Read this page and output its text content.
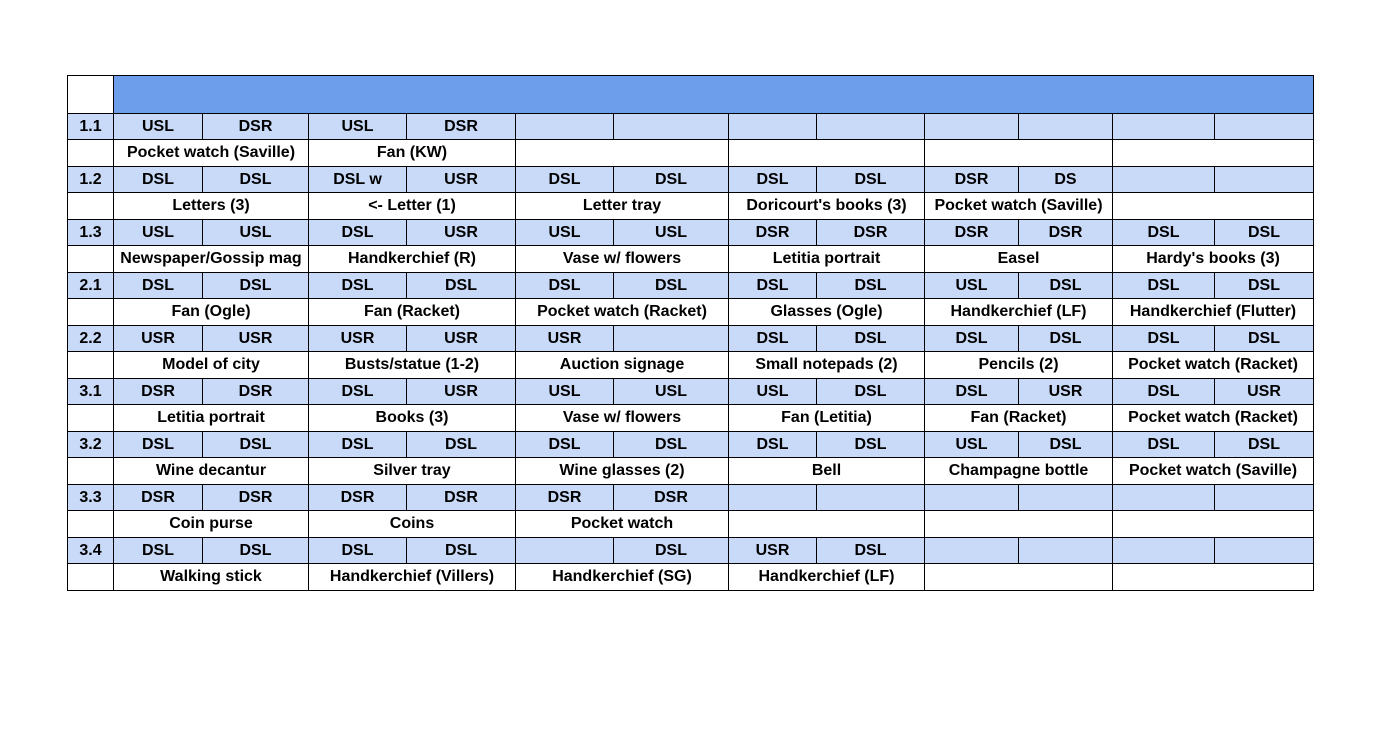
1.1	USL	DSR	USL	DSR								
	Pocket watch (Saville)		Fan (KW)									
1.2	DSL	DSL	DSL w	USR	DSL	DSL	DSL	DSL	DSR	DS		
	Letters (3)		<- Letter (1)		Letter tray		Doricourt's books (3)		Pocket watch (Saville)			
1.3	USL	USL	DSL	USR	USL	USL	DSR	DSR	DSR	DSR	DSL	DSL
	Newspaper/Gossip mag		Handkerchief (R)		Vase w/ flowers		Letitia portrait		Easel		Hardy's books (3)	
2.1	DSL	DSL	DSL	DSL	DSL	DSL	DSL	DSL	USL	DSL	DSL	DSL
	Fan (Ogle)		Fan (Racket)		Pocket watch (Racket)		Glasses (Ogle)		Handkerchief (LF)		Handkerchief (Flutter)	
2.2	USR	USR	USR	USR	USR		DSL	DSL	DSL	DSL	DSL	DSL
	Model of city		Busts/statue (1-2)		Auction signage		Small notepads (2)		Pencils (2)		Pocket watch (Racket)	
3.1	DSR	DSR	DSL	USR	USL	USL	USL	DSL	DSL	USR	DSL	USR
	Letitia portrait		Books (3)		Vase w/ flowers		Fan (Letitia)		Fan (Racket)		Pocket watch (Racket)	
3.2	DSL	DSL	DSL	DSL	DSL	DSL	DSL	DSL	USL	DSL	DSL	DSL
	Wine decantur		Silver tray		Wine glasses (2)		Bell		Champagne bottle		Pocket watch (Saville)	
3.3	DSR	DSR	DSR	DSR	DSR	DSR						
	Coin purse		Coins		Pocket watch							
3.4	DSL	DSL	DSL	DSL		DSL	USR	DSL				
	Walking stick		Handkerchief (Villers)		Handkerchief (SG)		Handkerchief (LF)					
